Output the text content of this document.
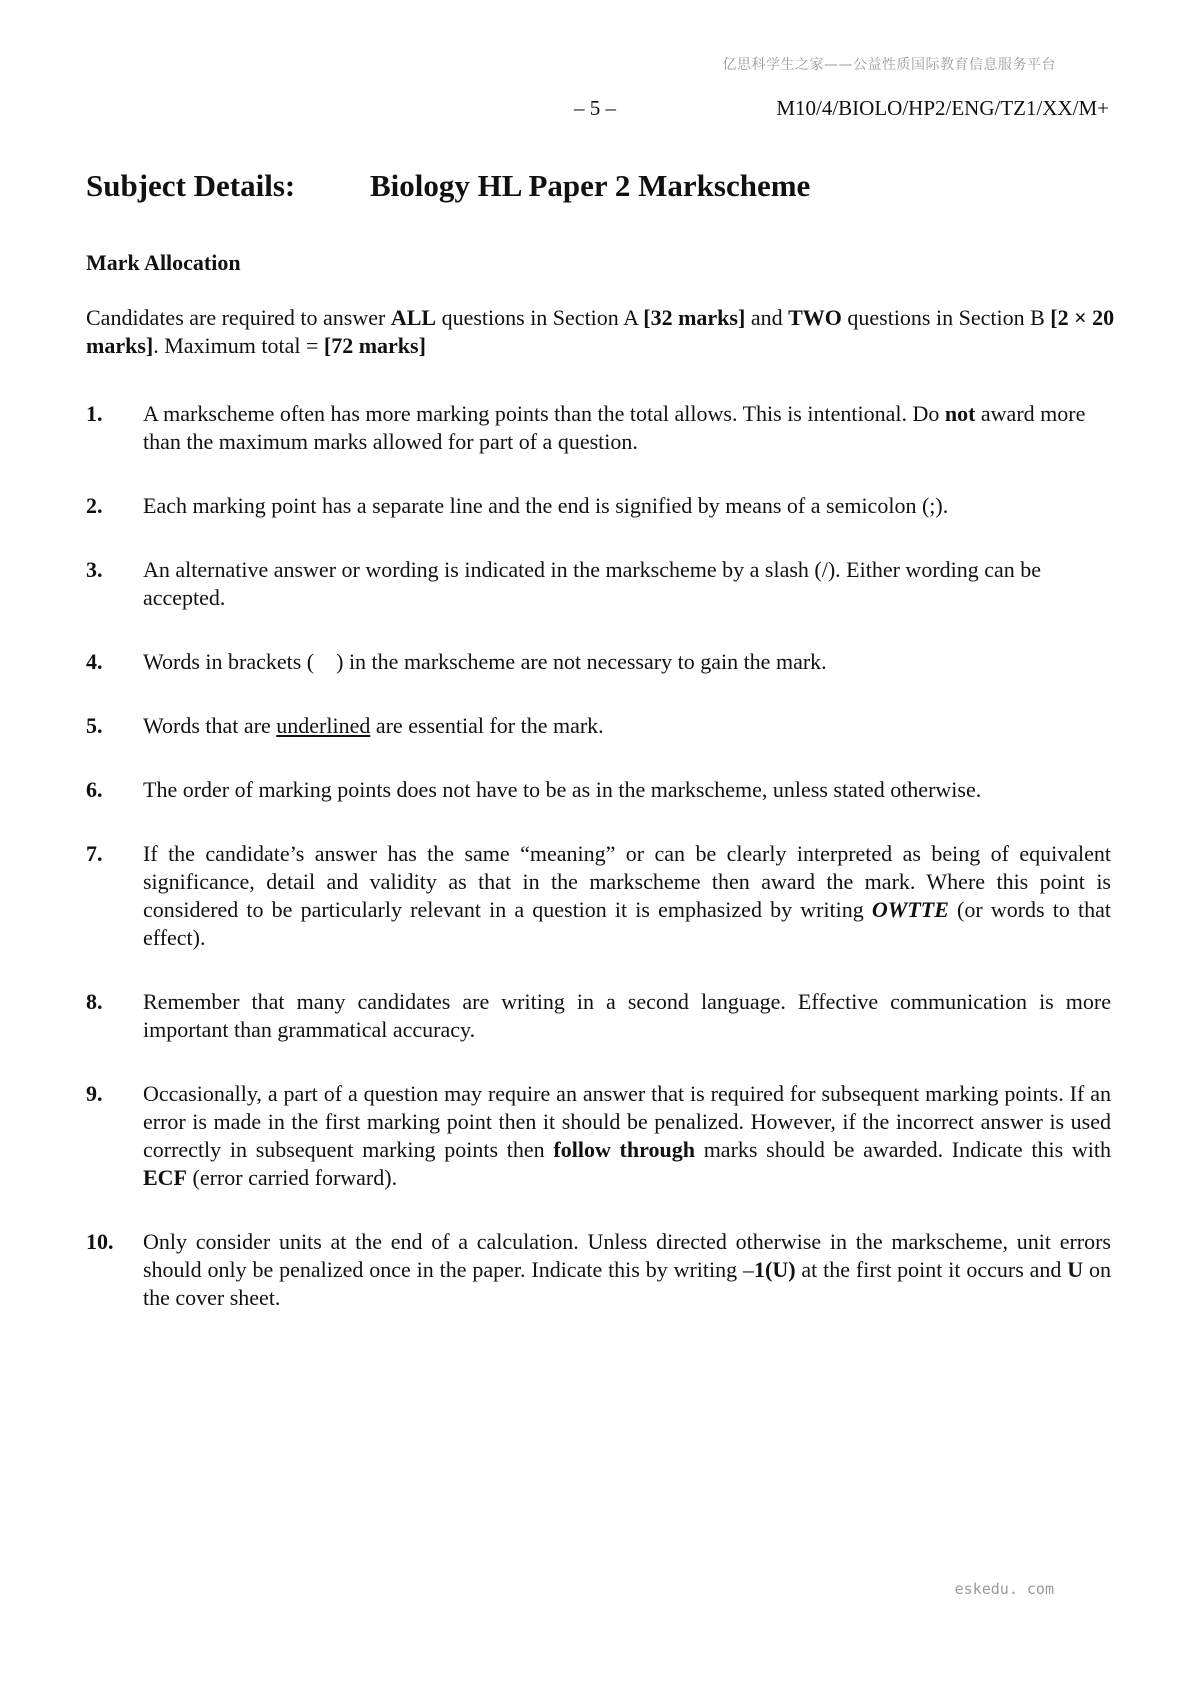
亿思科学生之家——公益性质国际教育信息服务平台
– 5 –	M10/4/BIOLO/HP2/ENG/TZ1/XX/M+
Subject Details: Biology HL Paper 2 Markscheme
Mark Allocation
Candidates are required to answer ALL questions in Section A [32 marks] and TWO questions in Section B [2 × 20 marks]. Maximum total = [72 marks]
1. A markscheme often has more marking points than the total allows. This is intentional. Do not award more than the maximum marks allowed for part of a question.
2. Each marking point has a separate line and the end is signified by means of a semicolon (;).
3. An alternative answer or wording is indicated in the markscheme by a slash (/). Either wording can be accepted.
4. Words in brackets (    ) in the markscheme are not necessary to gain the mark.
5. Words that are underlined are essential for the mark.
6. The order of marking points does not have to be as in the markscheme, unless stated otherwise.
7. If the candidate’s answer has the same “meaning” or can be clearly interpreted as being of equivalent significance, detail and validity as that in the markscheme then award the mark. Where this point is considered to be particularly relevant in a question it is emphasized by writing OWTTE (or words to that effect).
8. Remember that many candidates are writing in a second language. Effective communication is more important than grammatical accuracy.
9. Occasionally, a part of a question may require an answer that is required for subsequent marking points. If an error is made in the first marking point then it should be penalized. However, if the incorrect answer is used correctly in subsequent marking points then follow through marks should be awarded. Indicate this with ECF (error carried forward).
10. Only consider units at the end of a calculation. Unless directed otherwise in the markscheme, unit errors should only be penalized once in the paper. Indicate this by writing –1(U) at the first point it occurs and U on the cover sheet.
eskedu. com
